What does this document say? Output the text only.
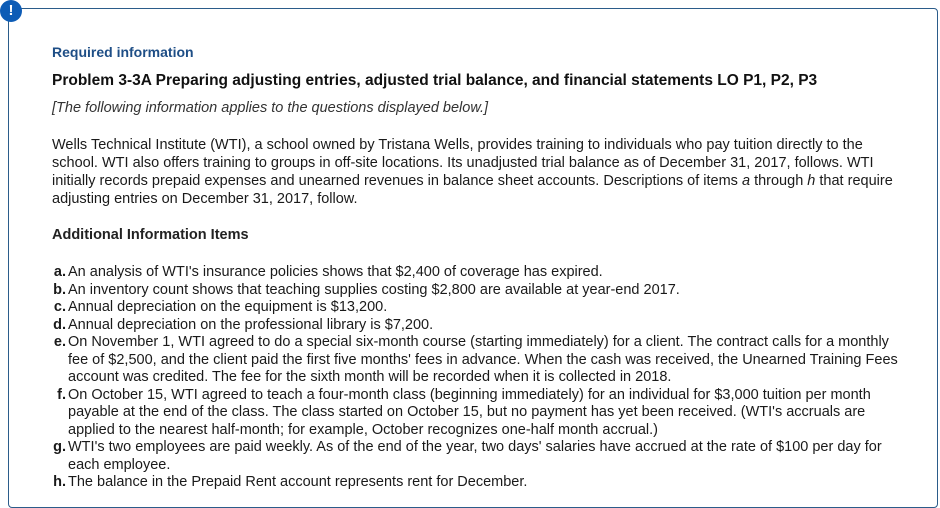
!
Required information
Problem 3-3A Preparing adjusting entries, adjusted trial balance, and financial statements LO P1, P2, P3
[The following information applies to the questions displayed below.]

Wells Technical Institute (WTI), a school owned by Tristana Wells, provides training to individuals who pay tuition directly to the school. WTI also offers training to groups in off-site locations. Its unadjusted trial balance as of December 31, 2017, follows. WTI initially records prepaid expenses and unearned revenues in balance sheet accounts. Descriptions of items a through h that require adjusting entries on December 31, 2017, follow.

Additional Information Items
a. An analysis of WTI's insurance policies shows that $2,400 of coverage has expired.
b. An inventory count shows that teaching supplies costing $2,800 are available at year-end 2017.
c. Annual depreciation on the equipment is $13,200.
d. Annual depreciation on the professional library is $7,200.
e. On November 1, WTI agreed to do a special six-month course (starting immediately) for a client. The contract calls for a monthly fee of $2,500, and the client paid the first five months' fees in advance. When the cash was received, the Unearned Training Fees account was credited. The fee for the sixth month will be recorded when it is collected in 2018.
f. On October 15, WTI agreed to teach a four-month class (beginning immediately) for an individual for $3,000 tuition per month payable at the end of the class. The class started on October 15, but no payment has yet been received. (WTI's accruals are applied to the nearest half-month; for example, October recognizes one-half month accrual.)
g. WTI's two employees are paid weekly. As of the end of the year, two days' salaries have accrued at the rate of $100 per day for each employee.
h. The balance in the Prepaid Rent account represents rent for December.
